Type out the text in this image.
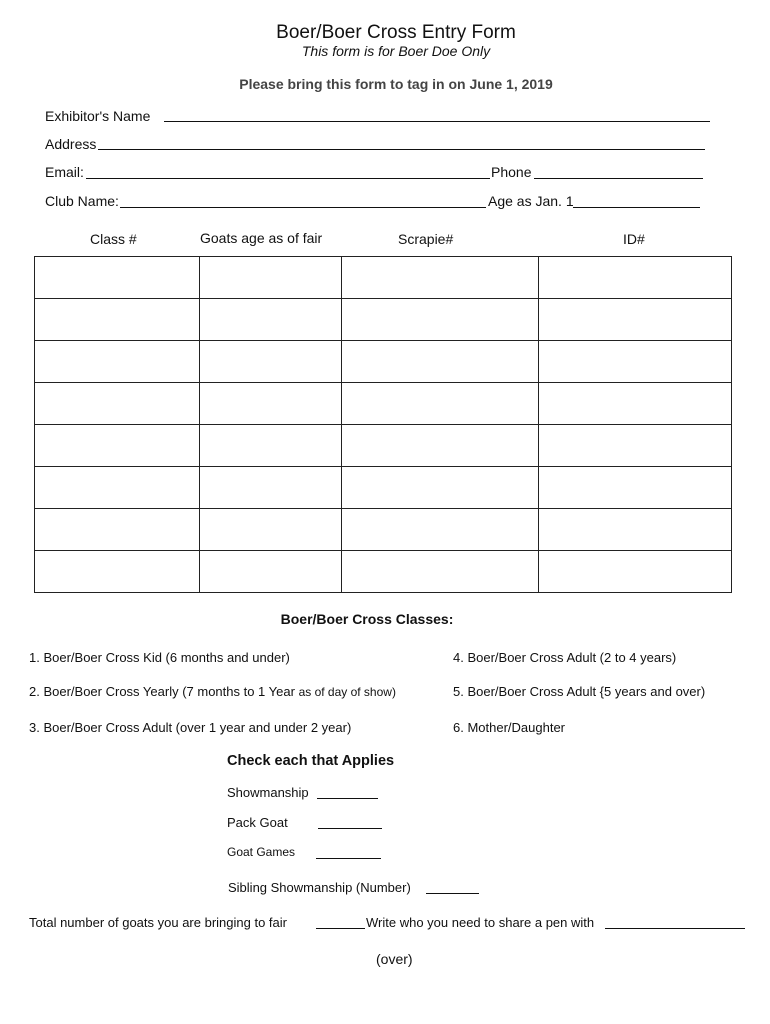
Boer/Boer Cross Entry Form
This form is for Boer Doe Only
Please bring this form to tag in on June 1, 2019
Exhibitor's Name
Address
Email:	Phone
Club Name:	Age as Jan. 1
Class #	Goats age as of fair	Scrapie#	ID#

Boer/Boer Cross Classes:
1. Boer/Boer Cross Kid (6 months and under)
2. Boer/Boer Cross Yearly (7 months to 1 Year as of day of show)
3. Boer/Boer Cross Adult (over 1 year and under 2 year)
4. Boer/Boer Cross Adult (2 to 4 years)
5. Boer/Boer Cross Adult {5 years and over)
6. Mother/Daughter
Check each that Applies
Showmanship
Pack Goat
Goat Games
Sibling Showmanship (Number)
Total number of goats you are bringing to fair	Write who you need to share a pen with
(over)
